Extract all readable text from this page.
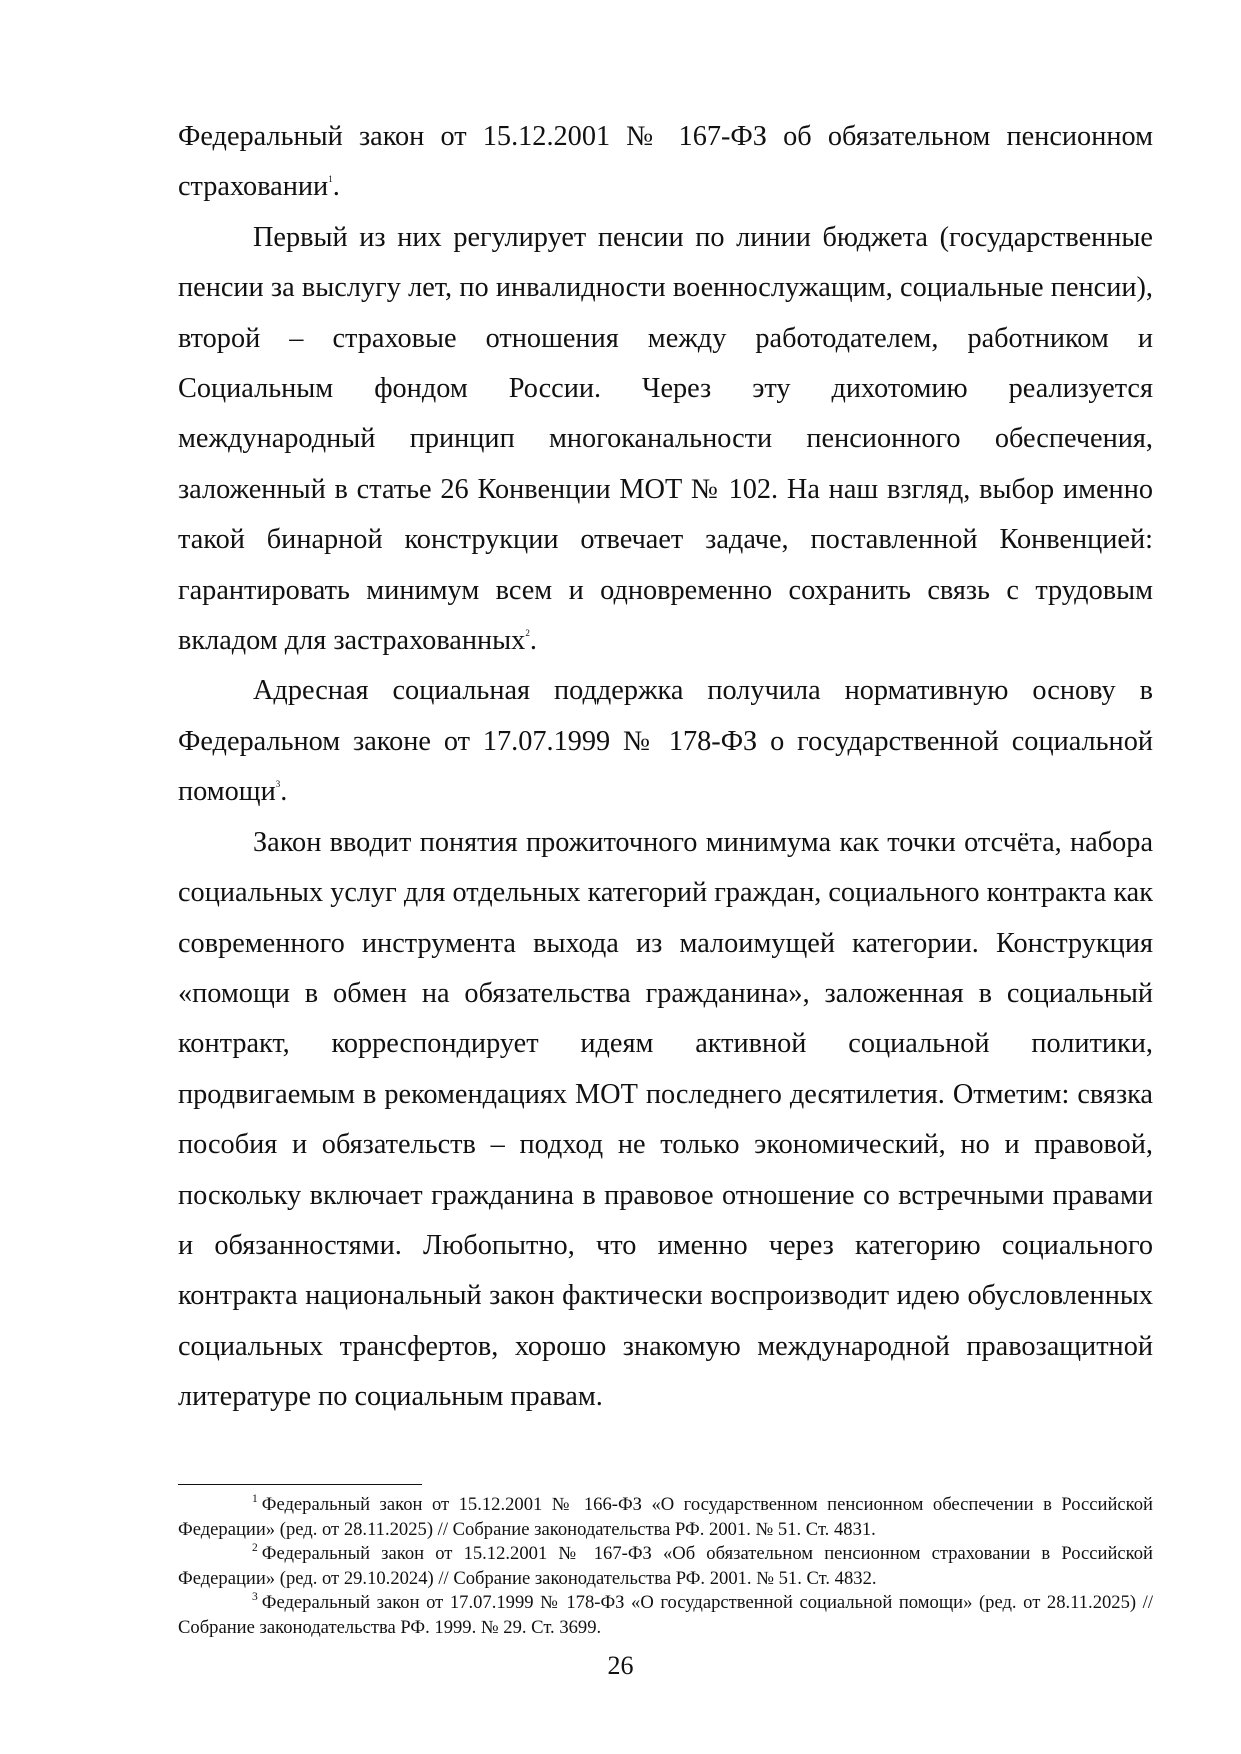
Федеральный закон от 15.12.2001 № 167-ФЗ об обязательном пенсионном страховании$^1$.

Первый из них регулирует пенсии по линии бюджета (государственные пенсии за выслугу лет, по инвалидности военнослужащим, социальные пенсии), второй – страховые отношения между работодателем, работником и Социальным фондом России. Через эту дихотомию реализуется международный принцип многоканальности пенсионного обеспечения, заложенный в статье 26 Конвенции МОТ № 102. На наш взгляд, выбор именно такой бинарной конструкции отвечает задаче, поставленной Конвенцией: гарантировать минимум всем и одновременно сохранить связь с трудовым вкладом для застрахованных$^2$.

Адресная социальная поддержка получила нормативную основу в Федеральном законе от 17.07.1999 № 178-ФЗ о государственной социальной помощи$^3$.

Закон вводит понятия прожиточного минимума как точки отсчёта, набора социальных услуг для отдельных категорий граждан, социального контракта как современного инструмента выхода из малоимущей категории. Конструкция «помощи в обмен на обязательства гражданина», заложенная в социальный контракт, корреспондирует идеям активной социальной политики, продвигаемым в рекомендациях МОТ последнего десятилетия. Отметим: связка пособия и обязательств – подход не только экономический, но и правовой, поскольку включает гражданина в правовое отношение со встречными правами и обязанностями. Любопытно, что именно через категорию социального контракта национальный закон фактически воспроизводит идею обусловленных социальных трансфертов, хорошо знакомую международной правозащитной литературе по социальным правам.

$^1$ Федеральный закон от 15.12.2001 № 166-ФЗ «О государственном пенсионном обеспечении в Российской Федерации» (ред. от 28.11.2025) // Собрание законодательства РФ. 2001. № 51. Ст. 4831.

$^2$ Федеральный закон от 15.12.2001 № 167-ФЗ «Об обязательном пенсионном страховании в Российской Федерации» (ред. от 29.10.2024) // Собрание законодательства РФ. 2001. № 51. Ст. 4832.

$^3$ Федеральный закон от 17.07.1999 № 178-ФЗ «О государственной социальной помощи» (ред. от 28.11.2025) // Собрание законодательства РФ. 1999. № 29. Ст. 3699.

26
